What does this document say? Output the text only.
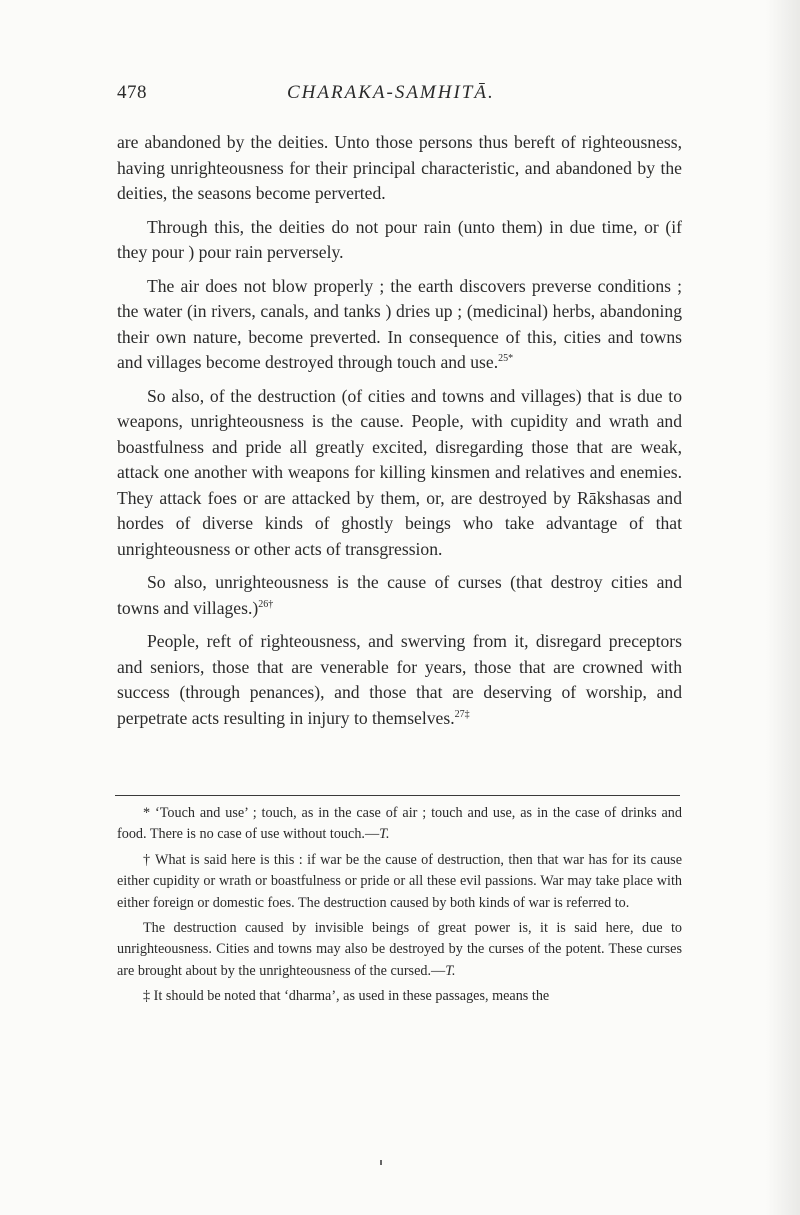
478	CHARAKA-SAMHITĀ.

are abandoned by the deities. Unto those persons thus bereft of righteousness, having unrighteousness for their principal characteristic, and abandoned by the deities, the seasons become perverted.

Through this, the deities do not pour rain (unto them) in due time, or (if they pour ) pour rain perversely.

The air does not blow properly ; the earth discovers preverse conditions ; the water (in rivers, canals, and tanks ) dries up ; (medicinal) herbs, abandoning their own nature, become preverted. In consequence of this, cities and towns and villages become destroyed through touch and use.$^{25*}$

So also, of the destruction (of cities and towns and villages) that is due to weapons, unrighteousness is the cause. People, with cupidity and wrath and boastfulness and pride all greatly excited, disregarding those that are weak, attack one another with weapons for killing kinsmen and relatives and enemies. They attack foes or are attacked by them, or, are destroyed by Rākshasas and hordes of diverse kinds of ghostly beings who take advantage of that unrighteousness or other acts of transgression.

So also, unrighteousness is the cause of curses (that destroy cities and towns and villages.)$^{26\dagger}$

People, reft of righteousness, and swerving from it, disregard preceptors and seniors, those that are venerable for years, those that are crowned with success (through penances), and those that are deserving of worship, and perpetrate acts resulting in injury to themselves.$^{27\ddagger}$

* ‘Touch and use’ ; touch, as in the case of air ; touch and use, as in the case of drinks and food. There is no case of use without touch.—T.

† What is said here is this : if war be the cause of destruction, then that war has for its cause either cupidity or wrath or boastfulness or pride or all these evil passions. War may take place with either foreign or domestic foes. The destruction caused by both kinds of war is referred to.

The destruction caused by invisible beings of great power is, it is said here, due to unrighteousness. Cities and towns may also be destroyed by the curses of the potent. These curses are brought about by the unrighteousness of the cursed.—T.

‡ It should be noted that ‘dharma’, as used in these passages, means the
